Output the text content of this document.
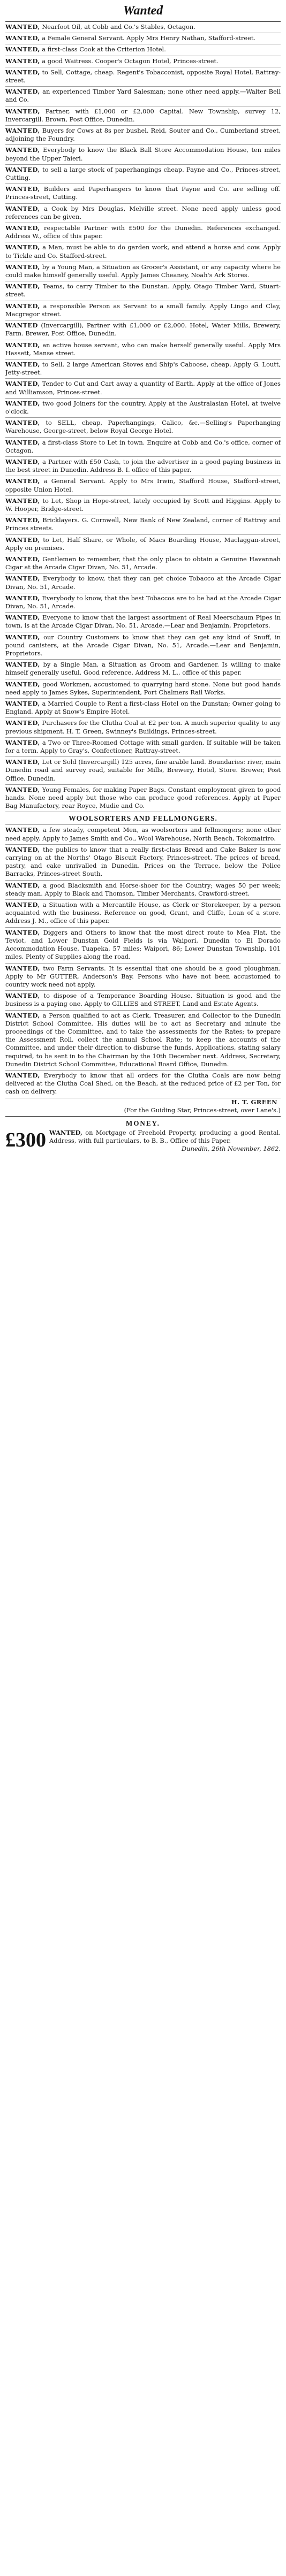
Wanted

WANTED, Nearfoot Oil, at Cobb and Co.'s Stables, Octagon.

WANTED, a Female General Servant. Apply Mrs Henry Nathan, Stafford-street.

WANTED, a first-class Cook at the Criterion Hotel.

WANTED, a good Waitress. Cooper's Octagon Hotel, Princes-street.

WANTED, to Sell, Cottage, cheap. Regent's Tobacconist, opposite Royal Hotel, Rattray-street.

WANTED, an experienced Timber Yard Salesman; none other need apply.—Walter Bell and Co.

WANTED, Partner, with £1,000 or £2,000 Capital. New Township, survey 12, Invercargill. Brown, Post Office, Dunedin.

WANTED, Buyers for Cows at 8s per bushel. Reid, Souter and Co., Cumberland street, adjoining the Foundry.

WANTED, Everybody to know the Black Ball Store Accommodation House, ten miles beyond the Upper Taieri.

WANTED, to sell a large stock of paperhangings cheap. Payne and Co., Princes-street, Cutting.

WANTED, Builders and Paperhangers to know that Payne and Co. are selling off. Princes-street, Cutting.

WANTED, a Cook by Mrs Douglas, Melville street. None need apply unless good references can be given.

WANTED, respectable Partner with £500 for the Dunedin. References exchanged. Address W., office of this paper.

WANTED, a Man, must be able to do garden work, and attend a horse and cow. Apply to Tickle and Co. Stafford-street.

WANTED, by a Young Man, a Situation as Grocer's Assistant, or any capacity where he could make himself generally useful. Apply James Cheaney, Noah's Ark Stores.

WANTED, Teams, to carry Timber to the Dunstan. Apply, Otago Timber Yard, Stuart-street.

WANTED, a responsible Person as Servant to a small family. Apply Lingo and Clay, Macgregor street.

WANTED (Invercargill), Partner with £1,000 or £2,000. Hotel, Water Mills, Brewery, Farm. Brewer, Post Office, Dunedin.

WANTED, an active house servant, who can make herself generally useful. Apply Mrs Hassett, Manse street.

WANTED, to Sell, 2 large American Stoves and Ship's Caboose, cheap. Apply G. Loutt, Jetty-street.

WANTED, Tender to Cut and Cart away a quantity of Earth. Apply at the office of Jones and Williamson, Princes-street.

WANTED, two good Joiners for the country. Apply at the Australasian Hotel, at twelve o'clock.

WANTED, to SELL, cheap, Paperhangings, Calico, &c.—Selling's Paperhanging Warehouse, George-street, below Royal George Hotel.

WANTED, a first-class Store to Let in town. Enquire at Cobb and Co.'s office, corner of Octagon.

WANTED, a Partner with £50 Cash, to join the advertiser in a good paying business in the best street in Dunedin. Address B. I. office of this paper.

WANTED, a General Servant. Apply to Mrs Irwin, Stafford House, Stafford-street, opposite Union Hotel.

WANTED, to Let, Shop in Hope-street, lately occupied by Scott and Higgins. Apply to W. Hooper, Bridge-street.

WANTED, Bricklayers. G. Cornwell, New Bank of New Zealand, corner of Rattray and Princes streets.

WANTED, to Let, Half Share, or Whole, of Macs Boarding House, Maclaggan-street, Apply on premises.

WANTED, Gentlemen to remember, that the only place to obtain a Genuine Havannah Cigar at the Arcade Cigar Divan, No. 51, Arcade.

WANTED, Everybody to know, that they can get choice Tobacco at the Arcade Cigar Divan, No. 51, Arcade.

WANTED, Everybody to know, that the best Tobaccos are to be had at the Arcade Cigar Divan, No. 51, Arcade.

WANTED, Everyone to know that the largest assortment of Real Meerschaum Pipes in town, is at the Arcade Cigar Divan, No. 51, Arcade.—Lear and Benjamin, Proprietors.

WANTED, our Country Customers to know that they can get any kind of Snuff, in pound canisters, at the Arcade Cigar Divan, No. 51, Arcade.—Lear and Benjamin, Proprietors.

WANTED, by a Single Man, a Situation as Groom and Gardener. Is willing to make himself generally useful. Good reference. Address M. L., office of this paper.

WANTED, good Workmen, accustomed to quarrying hard stone. None but good hands need apply to James Sykes, Superintendent, Port Chalmers Rail Works.

WANTED, a Married Couple to Rent a first-class Hotel on the Dunstan; Owner going to England. Apply at Snow's Empire Hotel.

WANTED, Purchasers for the Clutha Coal at £2 per ton. A much superior quality to any previous shipment. H. T. Green, Swinney's Buildings, Princes-street.

WANTED, a Two or Three-Roomed Cottage with small garden. If suitable will be taken for a term. Apply to Gray's, Confectioner, Rattray-street.

WANTED, Let or Sold (Invercargill) 125 acres, fine arable land. Boundaries: river, main Dunedin road and survey road, suitable for Mills, Brewery, Hotel, Store. Brewer, Post Office, Dunedin.

WANTED, Young Females, for making Paper Bags. Constant employment given to good hands. None need apply but those who can produce good references. Apply at Paper Bag Manufactory, rear Royce, Mudie and Co.

WOOLSORTERS AND FELLMONGERS.

WANTED, a few steady, competent Men, as woolsorters and fellmongers; none other need apply. Apply to James Smith and Co., Wool Warehouse, North Beach, Tokomairiro.

WANTED, the publics to know that a really first-class Bread and Cake Baker is now carrying on at the Norths' Otago Biscuit Factory, Princes-street. The prices of bread, pastry, and cake unrivalled in Dunedin. Prices on the Terrace, below the Police Barracks, Princes-street South.

WANTED, a good Blacksmith and Horse-shoer for the Country; wages 50 per week; steady man. Apply to Black and Thomson, Timber Merchants, Crawford-street.

WANTED, a Situation with a Mercantile House, as Clerk or Storekeeper, by a person acquainted with the business. Reference on good, Grant, and Cliffe, Loan of a store. Address J. M., office of this paper.

WANTED, Diggers and Others to know that the most direct route to Mea Flat, the Teviot, and Lower Dunstan Gold Fields is via Waipori, Dunedin to El Dorado Accommodation House, Tuapeka, 57 miles; Waipori, 86; Lower Dunstan Township, 101 miles. Plenty of Supplies along the road.

WANTED, two Farm Servants. It is essential that one should be a good ploughman. Apply to Mr GUTTER, Anderson's Bay. Persons who have not been accustomed to country work need not apply.

WANTED, to dispose of a Temperance Boarding House. Situation is good and the business is a paying one. Apply to GILLIES and STREET, Land and Estate Agents.

WANTED, a Person qualified to act as Clerk, Treasurer, and Collector to the Dunedin District School Committee. His duties will be to act as Secretary and minute the proceedings of the Committee, and to take the assessments for the Rates; to prepare the Assessment Roll, collect the annual School Rate; to keep the accounts of the Committee, and under their direction to disburse the funds. Applications, stating salary required, to be sent in to the Chairman by the 10th December next. Address, Secretary, Dunedin District School Committee, Educational Board Office, Dunedin.

WANTED, Everybody to know that all orders for the Clutha Coals are now being delivered at the Clutha Coal Shed, on the Beach, at the reduced price of £2 per Ton, for cash on delivery.

H. T. GREEN
(For the Guiding Star, Princes-street, over Lane's.)
MONEY.
£300 WANTED, on Mortgage of Freehold Property, producing a good Rental. Address, with full particulars, to B. B., Office of this Paper.
Dunedin, 26th November, 1862.
